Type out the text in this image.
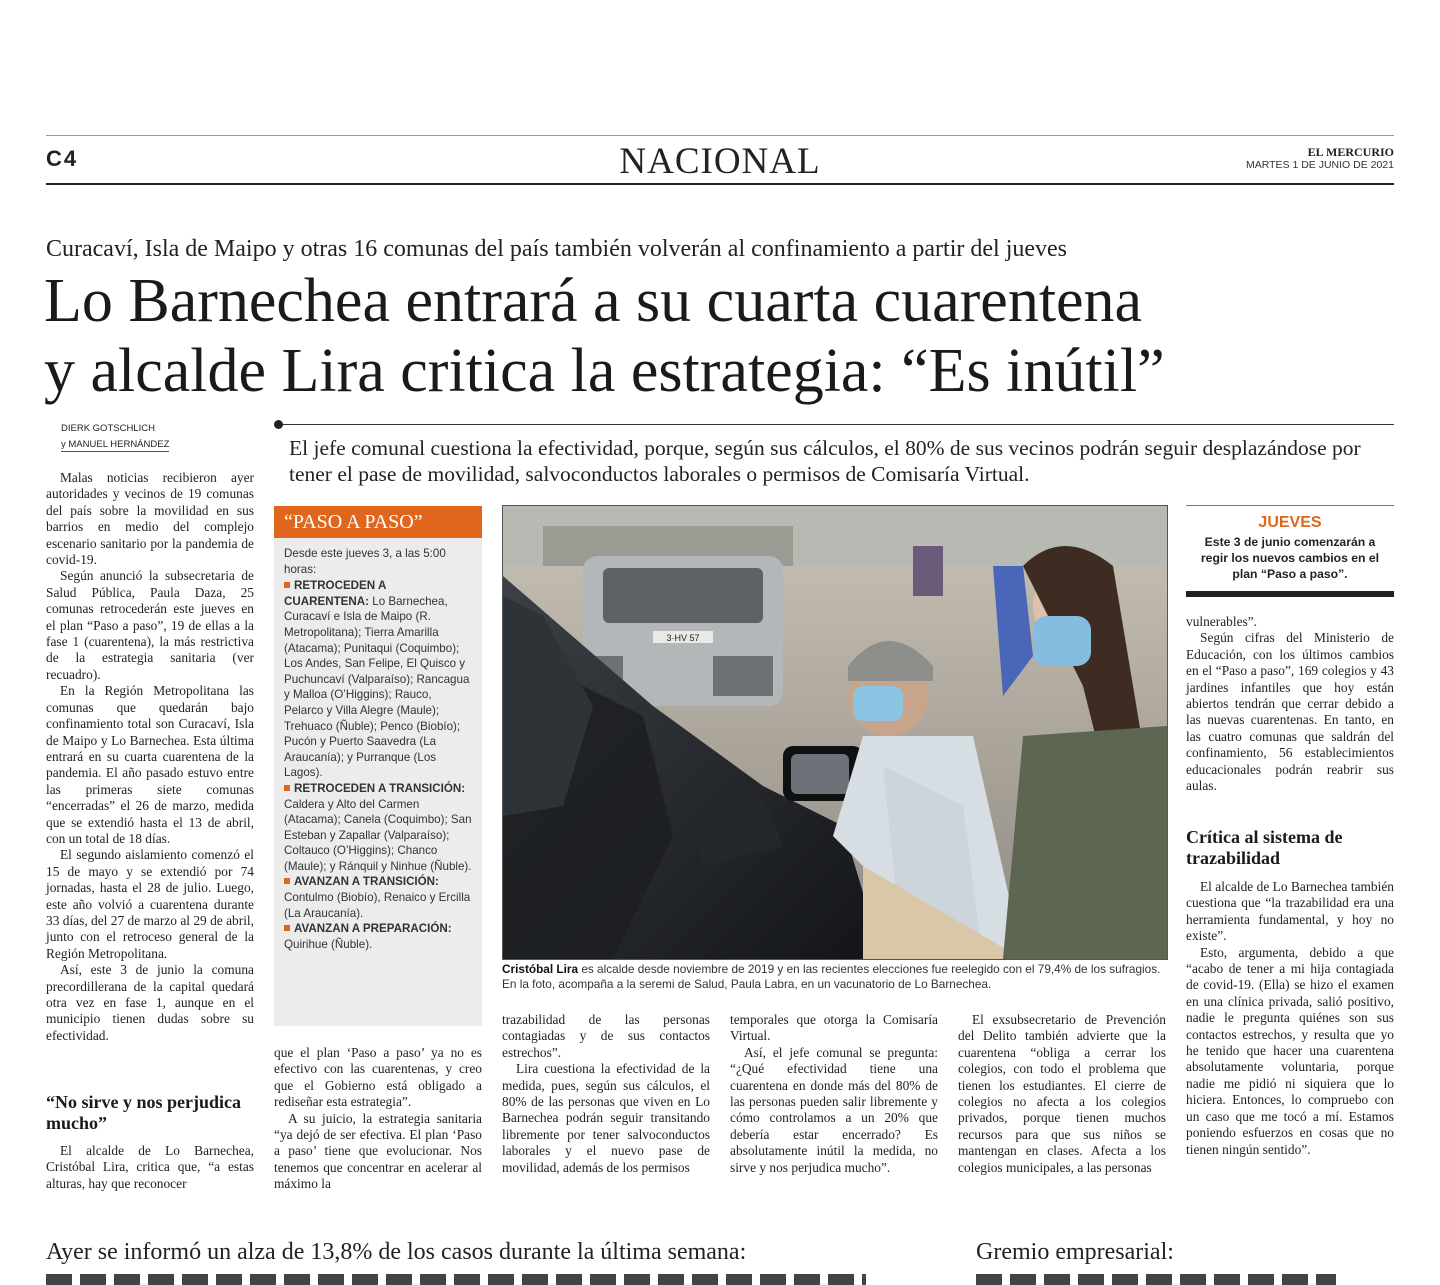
C4	NACIONAL	EL MERCURIO
MARTES 1 DE JUNIO DE 2021
Curacaví, Isla de Maipo y otras 16 comunas del país también volverán al confinamiento a partir del jueves
Lo Barnechea entrará a su cuarta cuarentena
y alcalde Lira critica la estrategia: “Es inútil”
DIERK GOTSCHLICH
y MANUEL HERNÁNDEZ	El jefe comunal cuestiona la efectividad, porque, según sus cálculos, el 80% de sus vecinos podrán seguir desplazándose por tener el pase de movilidad, salvoconductos laborales o permisos de Comisaría Virtual.

Malas noticias recibieron ayer autoridades y vecinos de 19 comunas del país sobre la movilidad en sus barrios en medio del complejo escenario sanitario por la pandemia de covid-19.

Según anunció la subsecretaria de Salud Pública, Paula Daza, 25 comunas retrocederán este jueves en el plan “Paso a paso”, 19 de ellas a la fase 1 (cuarentena), la más restrictiva de la estrategia sanitaria (ver recuadro).

En la Región Metropolitana las comunas que quedarán bajo confinamiento total son Curacaví, Isla de Maipo y Lo Barnechea. Esta última entrará en su cuarta cuarentena de la pandemia. El año pasado estuvo entre las primeras siete comunas “encerradas” el 26 de marzo, medida que se extendió hasta el 13 de abril, con un total de 18 días.

El segundo aislamiento comenzó el 15 de mayo y se extendió por 74 jornadas, hasta el 28 de julio. Luego, este año volvió a cuarentena durante 33 días, del 27 de marzo al 29 de abril, junto con el retroceso general de la Región Metropolitana.

Así, este 3 de junio la comuna precordillerana de la capital quedará otra vez en fase 1, aunque en el municipio tienen dudas sobre su efectividad.

“No sirve y nos perjudica mucho”

El alcalde de Lo Barnechea, Cristóbal Lira, critica que, “a estas alturas, hay que reconocer

“PASO A PASO”
Desde este jueves 3, a las 5:00 horas:
RETROCEDEN A CUARENTENA: Lo Barnechea, Curacaví e Isla de Maipo (R. Metropolitana); Tierra Amarilla (Atacama); Punitaqui (Coquimbo); Los Andes, San Felipe, El Quisco y Puchuncaví (Valparaíso); Rancagua y Malloa (O’Higgins); Rauco, Pelarco y Villa Alegre (Maule); Trehuaco (Ñuble); Penco (Biobío); Pucón y Puerto Saavedra (La Araucanía); y Purranque (Los Lagos).
RETROCEDEN A TRANSICIÓN: Caldera y Alto del Carmen (Atacama); Canela (Coquimbo); San Esteban y Zapallar (Valparaíso); Coltauco (O’Higgins); Chanco (Maule); y Ránquil y Ninhue (Ñuble).
AVANZAN A TRANSICIÓN: Contulmo (Biobío), Renaico y Ercilla (La Araucanía).
AVANZAN A PREPARACIÓN: Quirihue (Ñuble).
3·HV 57
Cristóbal Lira es alcalde desde noviembre de 2019 y en las recientes elecciones fue reelegido con el 79,4% de los sufragios. En la foto, acompaña a la seremi de Salud, Paula Labra, en un vacunatorio de Lo Barnechea.

que el plan ‘Paso a paso’ ya no es efectivo con las cuarentenas, y creo que el Gobierno está obligado a rediseñar esta estrategia”.

A su juicio, la estrategia sanitaria “ya dejó de ser efectiva. El plan ‘Paso a paso’ tiene que evolucionar. Nos tenemos que concentrar en acelerar al máximo la

trazabilidad de las personas contagiadas y de sus contactos estrechos”.

Lira cuestiona la efectividad de la medida, pues, según sus cálculos, el 80% de las personas que viven en Lo Barnechea podrán seguir transitando libremente por tener salvoconductos laborales y el nuevo pase de movilidad, además de los permisos

temporales que otorga la Comisaría Virtual.

Así, el jefe comunal se pregunta: “¿Qué efectividad tiene una cuarentena en donde más del 80% de las personas pueden salir libremente y cómo controlamos a un 20% que debería estar encerrado? Es absolutamente inútil la medida, no sirve y nos perjudica mucho”.

El exsubsecretario de Prevención del Delito también advierte que la cuarentena “obliga a cerrar los colegios, con todo el problema que tienen los estudiantes. El cierre de colegios no afecta a los colegios privados, porque tienen muchos recursos para que sus niños se mantengan en clases. Afecta a los colegios municipales, a las personas

JUEVES
Este 3 de junio comenzarán a regir los nuevos cambios en el plan “Paso a paso”.

vulnerables”.

Según cifras del Ministerio de Educación, con los últimos cambios en el “Paso a paso”, 169 colegios y 43 jardines infantiles que hoy están abiertos tendrán que cerrar debido a las nuevas cuarentenas. En tanto, en las cuatro comunas que saldrán del confinamiento, 56 establecimientos educacionales podrán reabrir sus aulas.

Crítica al sistema de trazabilidad

El alcalde de Lo Barnechea también cuestiona que “la trazabilidad era una herramienta fundamental, y hoy no existe”.

Esto, argumenta, debido a que “acabo de tener a mi hija contagiada de covid-19. (Ella) se hizo el examen en una clínica privada, salió positivo, nadie le pregunta quiénes son sus contactos estrechos, y resulta que yo he tenido que hacer una cuarentena absolutamente voluntaria, porque nadie me pidió ni siquiera que lo hiciera. Entonces, lo compruebo con un caso que me tocó a mí. Estamos poniendo esfuerzos en cosas que no tienen ningún sentido”.

Ayer se informó un alza de 13,8% de los casos durante la última semana:	Gremio empresarial:
